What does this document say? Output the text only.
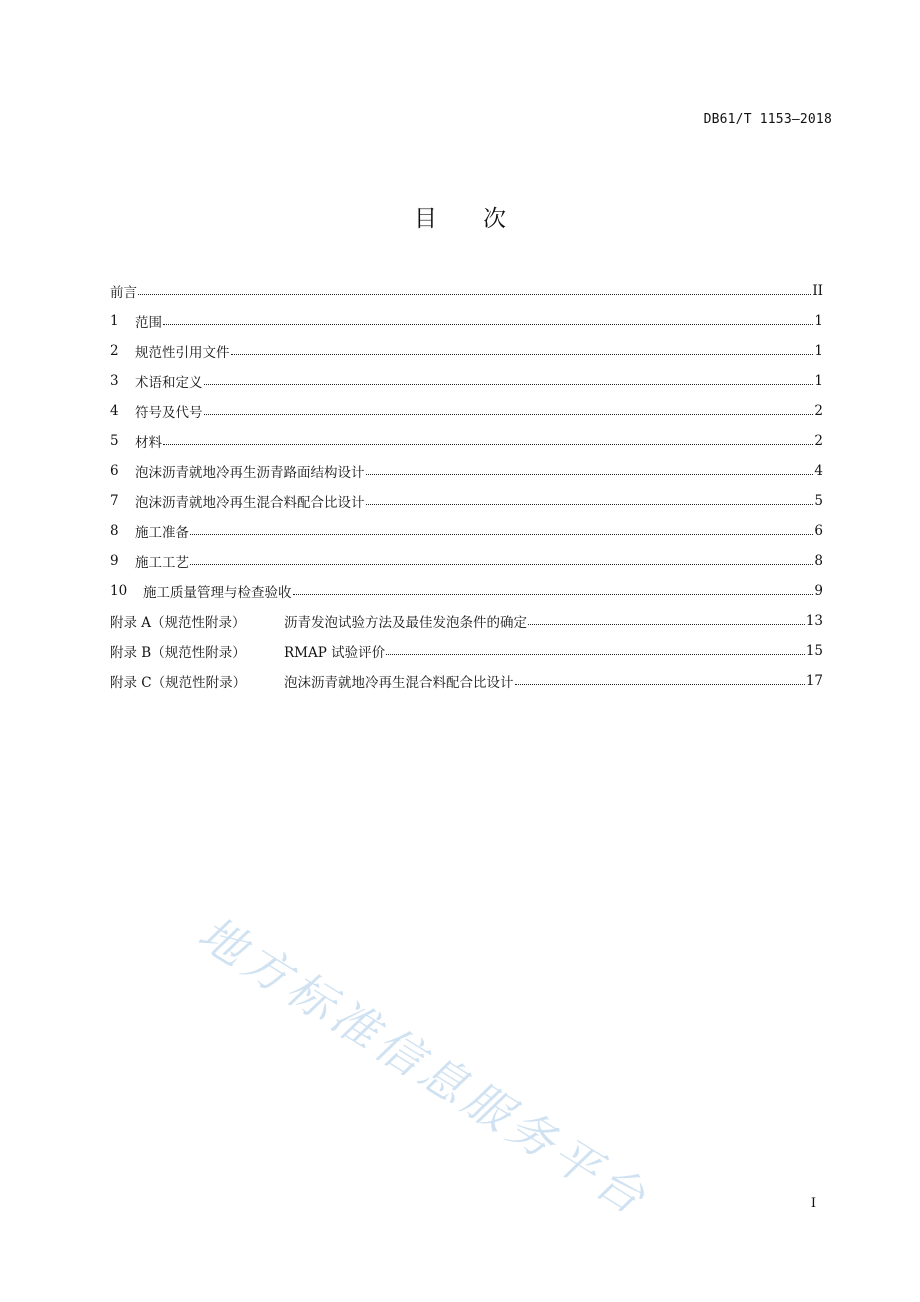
DB61/T 1153—2018
目 次
前言	II
1	范围	1
2	规范性引用文件	1
3	术语和定义	1
4	符号及代号	2
5	材料	2
6	泡沫沥青就地冷再生沥青路面结构设计	4
7	泡沫沥青就地冷再生混合料配合比设计	5
8	施工准备	6
9	施工工艺	8
10	施工质量管理与检查验收	9
附录 A（规范性附录）	沥青发泡试验方法及最佳发泡条件的确定	13
附录 B（规范性附录）	RMAP 试验评价	15
附录 C（规范性附录）	泡沫沥青就地冷再生混合料配合比设计	17
地方标准信息服务平台	I
